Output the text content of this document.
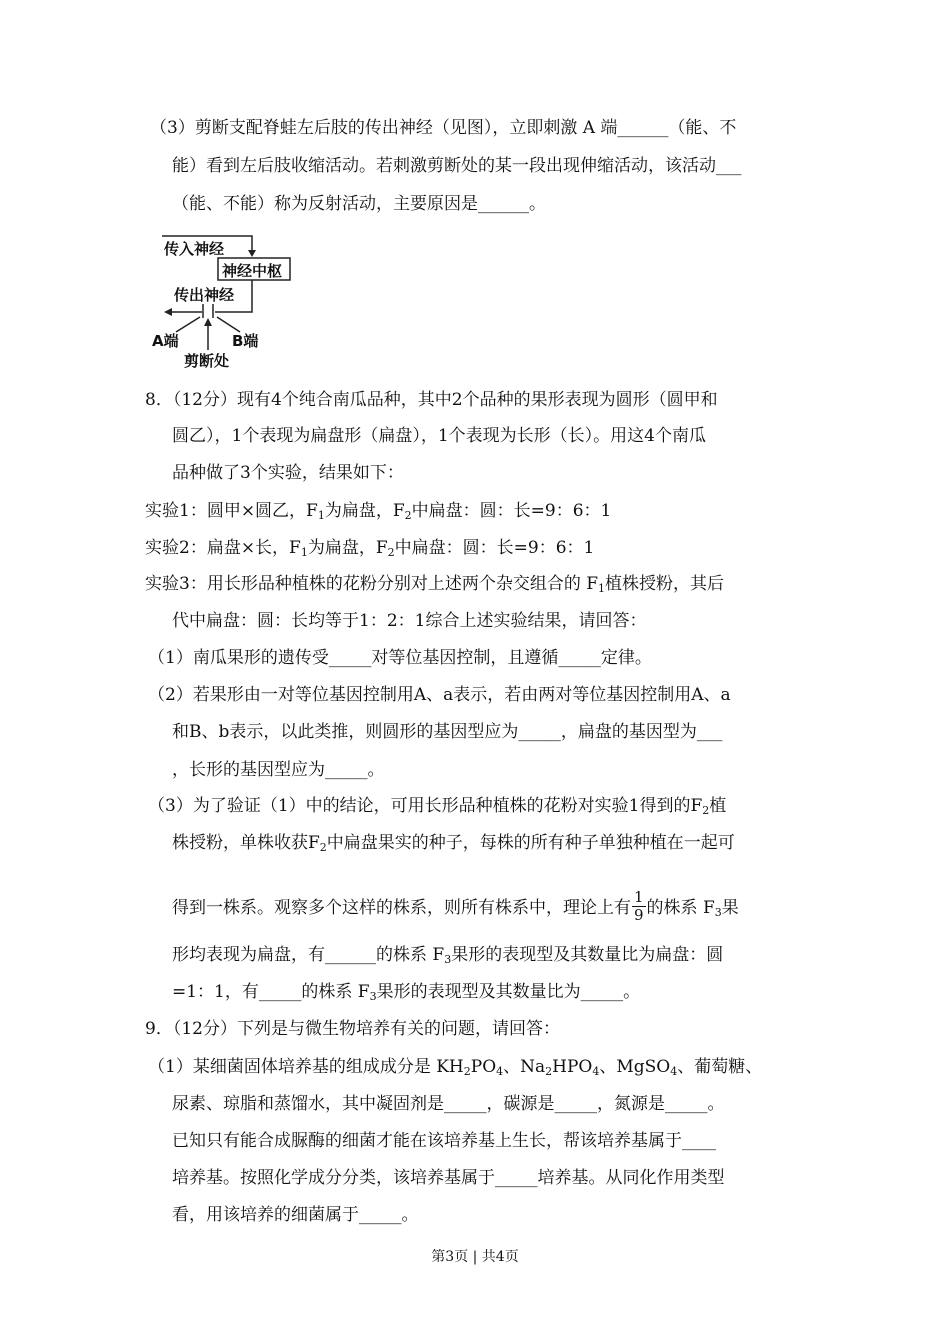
（3）剪断支配脊蛙左后肢的传出神经（见图），立即刺激 A 端______（能、不
能）看到左后肢收缩活动。若刺激剪断处的某一段出现伸缩活动，该活动___
（能、不能）称为反射活动，主要原因是______。
传入神经
神经中枢
传出神经
A端	B端
剪断处
8．（12分）现有4个纯合南瓜品种，其中2个品种的果形表现为圆形（圆甲和
圆乙），1个表现为扁盘形（扁盘），1个表现为长形（长）。用这4个南瓜
品种做了3个实验，结果如下：
实验1：圆甲×圆乙，$F_1$为扁盘，$F_2$中扁盘：圆：长=9：6：1
实验2：扁盘×长，$F_1$为扁盘，$F_2$中扁盘：圆：长=9：6：1
实验3：用长形品种植株的花粉分别对上述两个杂交组合的 $F_1$植株授粉，其后
代中扁盘：圆：长均等于1：2：1综合上述实验结果，请回答：
（1）南瓜果形的遗传受_____对等位基因控制，且遵循_____定律。
（2）若果形由一对等位基因控制用A、a表示，若由两对等位基因控制用A、a
和B、b表示，以此类推，则圆形的基因型应为_____，扁盘的基因型为___
，长形的基因型应为_____。
（3）为了验证（1）中的结论，可用长形品种植株的花粉对实验1得到的$F_2$植
株授粉，单株收获$F_2$中扁盘果实的种子，每株的所有种子单独种植在一起可
得到一株系。观察多个这样的株系，则所有株系中，理论上有 $\frac{1}{9}$ 的株系 $F_3$果
形均表现为扁盘，有______的株系 $F_3$果形的表现型及其数量比为扁盘：圆
=1：1，有_____的株系 $F_3$果形的表现型及其数量比为_____。
9．（12分）下列是与微生物培养有关的问题，请回答：
（1）某细菌固体培养基的组成成分是 $KH_2PO_4$、$Na_2HPO_4$、MgSO$_4$、葡萄糖、
尿素、琼脂和蒸馏水，其中凝固剂是_____，碳源是_____，氮源是_____。
已知只有能合成脲酶的细菌才能在该培养基上生长，帮该培养基属于____
培养基。按照化学成分分类，该培养基属于_____培养基。从同化作用类型
看，用该培养的细菌属于_____。
第3页 | 共4页
